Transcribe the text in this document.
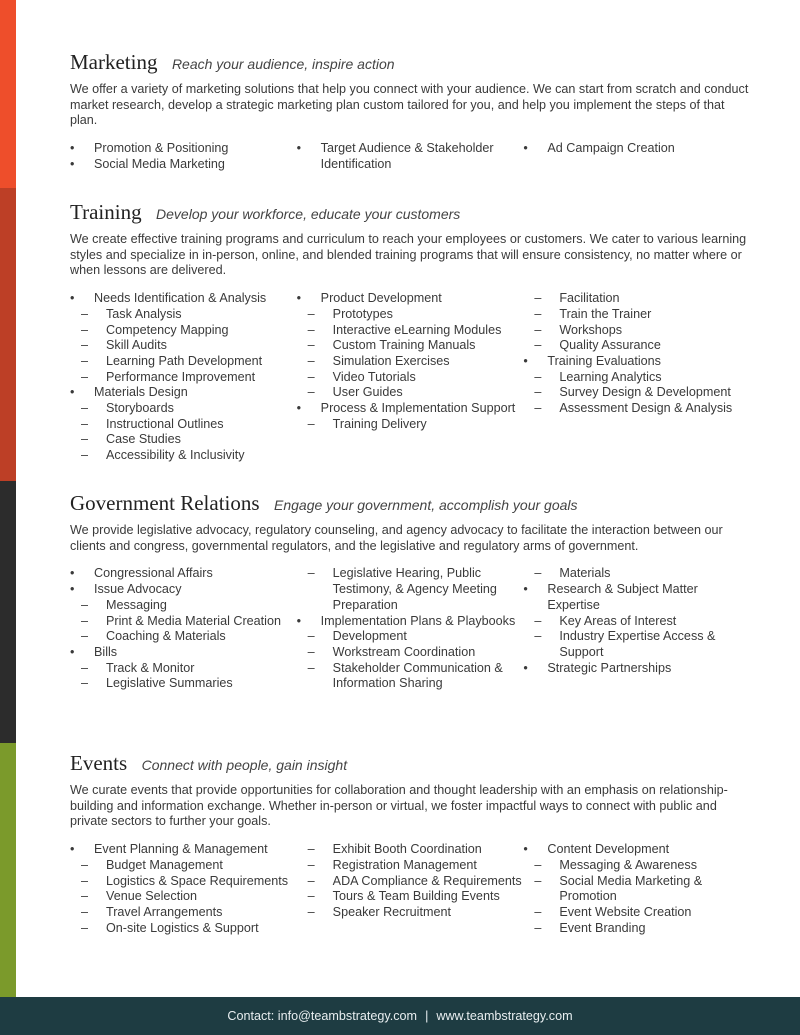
Marketing Reach your audience, inspire action

We offer a variety of marketing solutions that help you connect with your audience. We can start from scratch and conduct market research, develop a strategic marketing plan custom tailored for you, and help you implement the steps of that plan.

• Promotion & Positioning
• Social Media Marketing
• Target Audience & Stakeholder Identification
• Ad Campaign Creation
Training Develop your workforce, educate your customers

We create effective training programs and curriculum to reach your employees or customers. We cater to various learning styles and specialize in in-person, online, and blended training programs that will ensure consistency, no matter where or when lessons are delivered.

• Needs Identification & Analysis
– Task Analysis
– Competency Mapping
– Skill Audits
– Learning Path Development
– Performance Improvement
• Materials Design
– Storyboards
– Instructional Outlines
– Case Studies
– Accessibility & Inclusivity
• Product Development
– Prototypes
– Interactive eLearning Modules
– Custom Training Manuals
– Simulation Exercises
– Video Tutorials
– User Guides
• Process & Implementation Support
– Training Delivery
– Facilitation
– Train the Trainer
– Workshops
– Quality Assurance
• Training Evaluations
– Learning Analytics
– Survey Design & Development
– Assessment Design & Analysis
Government Relations Engage your government, accomplish your goals

We provide legislative advocacy, regulatory counseling, and agency advocacy to facilitate the interaction between our clients and congress, governmental regulators, and the legislative and regulatory arms of government.

• Congressional Affairs
• Issue Advocacy
– Messaging
– Print & Media Material Creation
– Coaching & Materials
• Bills
– Track & Monitor
– Legislative Summaries
– Legislative Hearing, Public Testimony, & Agency Meeting Preparation
• Implementation Plans & Playbooks
– Development
– Workstream Coordination
– Stakeholder Communication & Information Sharing
– Materials
• Research & Subject Matter Expertise
– Key Areas of Interest
– Industry Expertise Access & Support
• Strategic Partnerships
Events Connect with people, gain insight

We curate events that provide opportunities for collaboration and thought leadership with an emphasis on relationship-building and information exchange. Whether in-person or virtual, we foster impactful ways to connect with public and private sectors to further your goals.

• Event Planning & Management
– Budget Management
– Logistics & Space Requirements
– Venue Selection
– Travel Arrangements
– On-site Logistics & Support
– Exhibit Booth Coordination
– Registration Management
– ADA Compliance & Requirements
– Tours & Team Building Events
– Speaker Recruitment
• Content Development
– Messaging & Awareness
– Social Media Marketing & Promotion
– Event Website Creation
– Event Branding
Contact: info@teambstrategy.com | www.teambstrategy.com
